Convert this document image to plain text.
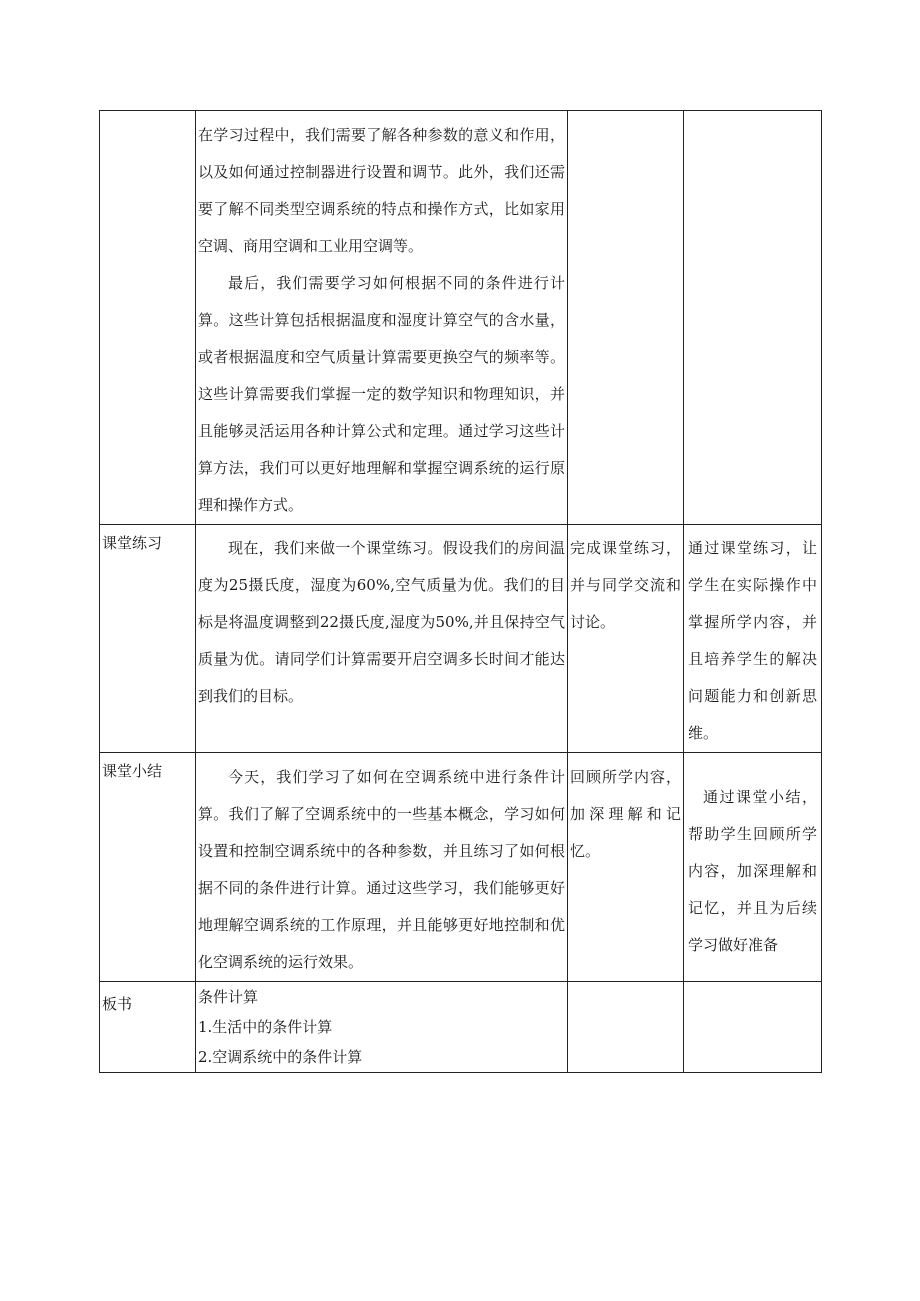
	在学习过程中，我们需要了解各种参数的意义和作用，以及如何通过控制器进行设置和调节。此外，我们还需要了解不同类型空调系统的特点和操作方式，比如家用空调、商用空调和工业用空调等。

最后，我们需要学习如何根据不同的条件进行计算。这些计算包括根据温度和湿度计算空气的含水量，或者根据温度和空气质量计算需要更换空气的频率等。这些计算需要我们掌握一定的数学知识和物理知识，并且能够灵活运用各种计算公式和定理。通过学习这些计算方法，我们可以更好地理解和掌握空调系统的运行原理和操作方式。		

课堂练习	现在，我们来做一个课堂练习。假设我们的房间温度为25摄氏度，湿度为60%,空气质量为优。我们的目标是将温度调整到22摄氏度,湿度为50%,并且保持空气质量为优。请同学们计算需要开启空调多长时间才能达到我们的目标。	完成课堂练习，并与同学交流和讨论。	通过课堂练习，让学生在实际操作中掌握所学内容，并且培养学生的解决问题能力和创新思维。

课堂小结	今天，我们学习了如何在空调系统中进行条件计算。我们了解了空调系统中的一些基本概念，学习如何设置和控制空调系统中的各种参数，并且练习了如何根据不同的条件进行计算。通过这些学习，我们能够更好地理解空调系统的工作原理，并且能够更好地控制和优化空调系统的运行效果。	回顾所学内容，加深理解和记忆。	通过课堂小结，帮助学生回顾所学内容，加深理解和记忆，并且为后续学习做好准备

板书	条件计算

1.生活中的条件计算

2.空调系统中的条件计算		
